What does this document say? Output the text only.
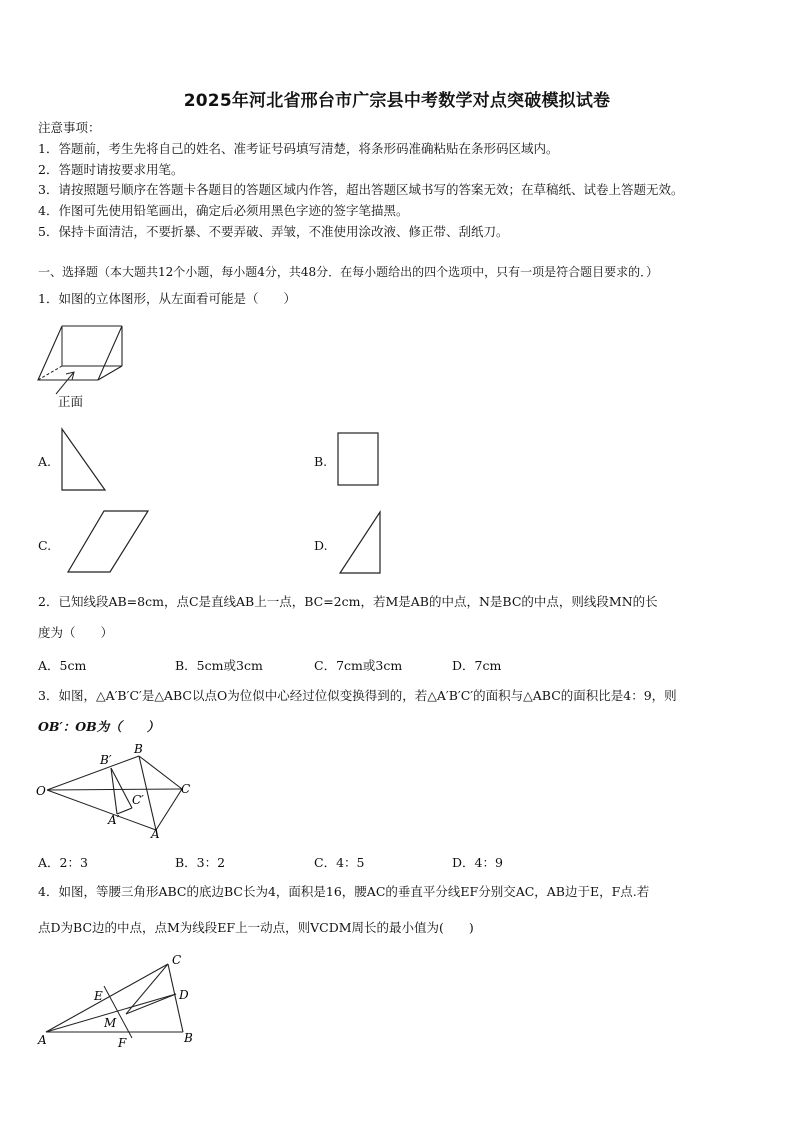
2025年河北省邢台市广宗县中考数学对点突破模拟试卷
注意事项：
1．答题前，考生先将自己的姓名、准考证号码填写清楚，将条形码准确粘贴在条形码区域内。
2．答题时请按要求用笔。
3．请按照题号顺序在答题卡各题目的答题区域内作答，超出答题区域书写的答案无效；在草稿纸、试卷上答题无效。
4．作图可先使用铅笔画出，确定后必须用黑色字迹的签字笔描黑。
5．保持卡面清洁，不要折暴、不要弄破、弄皱，不准使用涂改液、修正带、刮纸刀。
一、选择题（本大题共12个小题，每小题4分，共48分．在每小题给出的四个选项中，只有一项是符合题目要求的．）
1．如图的立体图形，从左面看可能是（　　）
正面
A.	B.
C.	D.
2．已知线段AB=8cm，点C是直线AB上一点，BC=2cm，若M是AB的中点，N是BC的中点，则线段MN的长
度为（　　）
A．5cm	B．5cm或3cm	C．7cm或3cm	D．7cm
3．如图，△A′B′C′是△ABC以点O为位似中心经过位似变换得到的，若△A′B′C′的面积与△ABC的面积比是4：9，则
OB′：OB为（　　）
O
B′
B
C′
C
A′
A
A．2：3	B．3：2	C．4：5	D．4：9
4．如图，等腰三角形ABC的底边BC长为4，面积是16，腰AC的垂直平分线EF分别交AC，AB边于E，F点.若
点D为BC边的中点，点M为线段EF上一动点，则VCDM周长的最小值为(　　)
A	B
C
D
E
F
M
